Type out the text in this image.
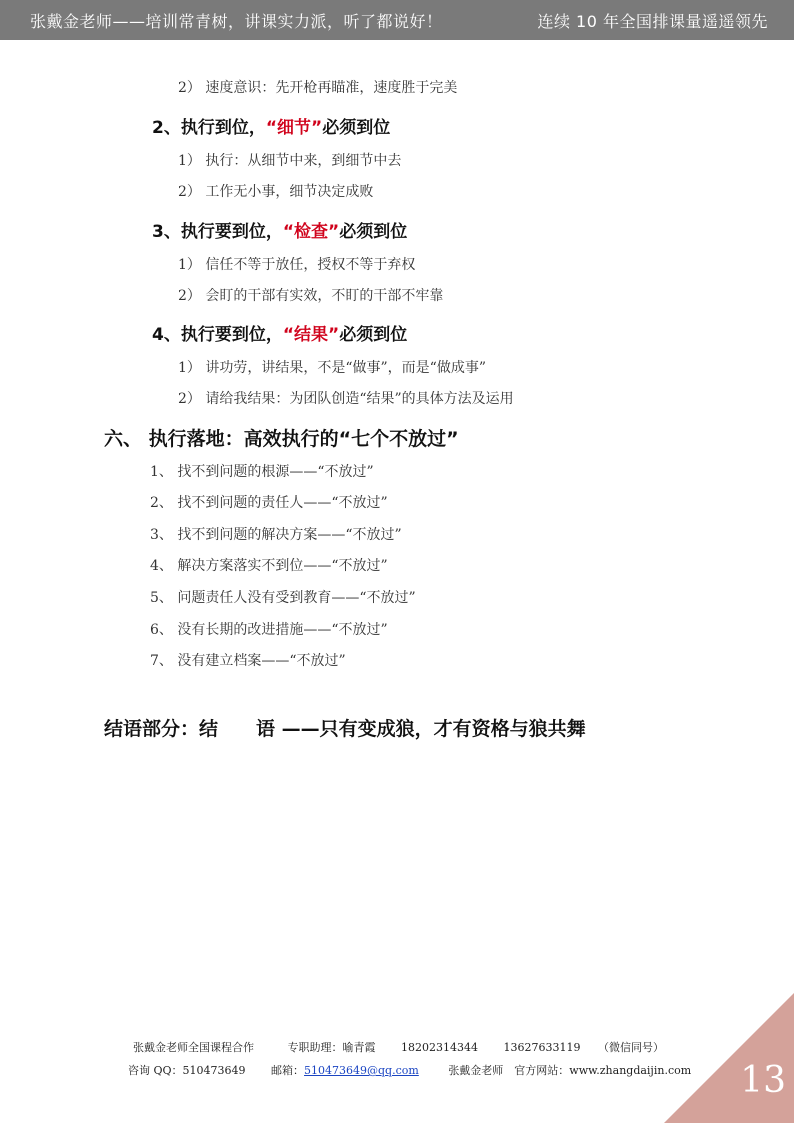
张戴金老师——培训常青树，讲课实力派，听了都说好！	连续 10 年全国排课量遥遥领先
2） 速度意识：先开枪再瞄准，速度胜于完美
2、执行到位，“细节”必须到位
1） 执行：从细节中来，到细节中去
2） 工作无小事，细节决定成败
3、执行要到位，“检查”必须到位
1） 信任不等于放任，授权不等于弃权
2） 会盯的干部有实效，不盯的干部不牢靠
4、执行要到位，“结果”必须到位
1） 讲功劳，讲结果，不是“做事”，而是“做成事”
2） 请给我结果：为团队创造“结果”的具体方法及运用
六、 执行落地：高效执行的“七个不放过”
1、 找不到问题的根源——“不放过”
2、 找不到问题的责任人——“不放过”
3、 找不到问题的解决方案——“不放过”
4、 解决方案落实不到位——“不放过”
5、 问题责任人没有受到教育——“不放过”
6、 没有长期的改进措施——“不放过”
7、 没有建立档案——“不放过”
结语部分：结　　语 ——只有变成狼，才有资格与狼共舞
张戴金老师全国课程合作	专职助理：喻青霞 18202314344 13627633119 （微信同号）
咨询 QQ：510473649 邮箱：510473649@qq.com	张戴金老师　官方网站：www.zhangdaijin.com 13
